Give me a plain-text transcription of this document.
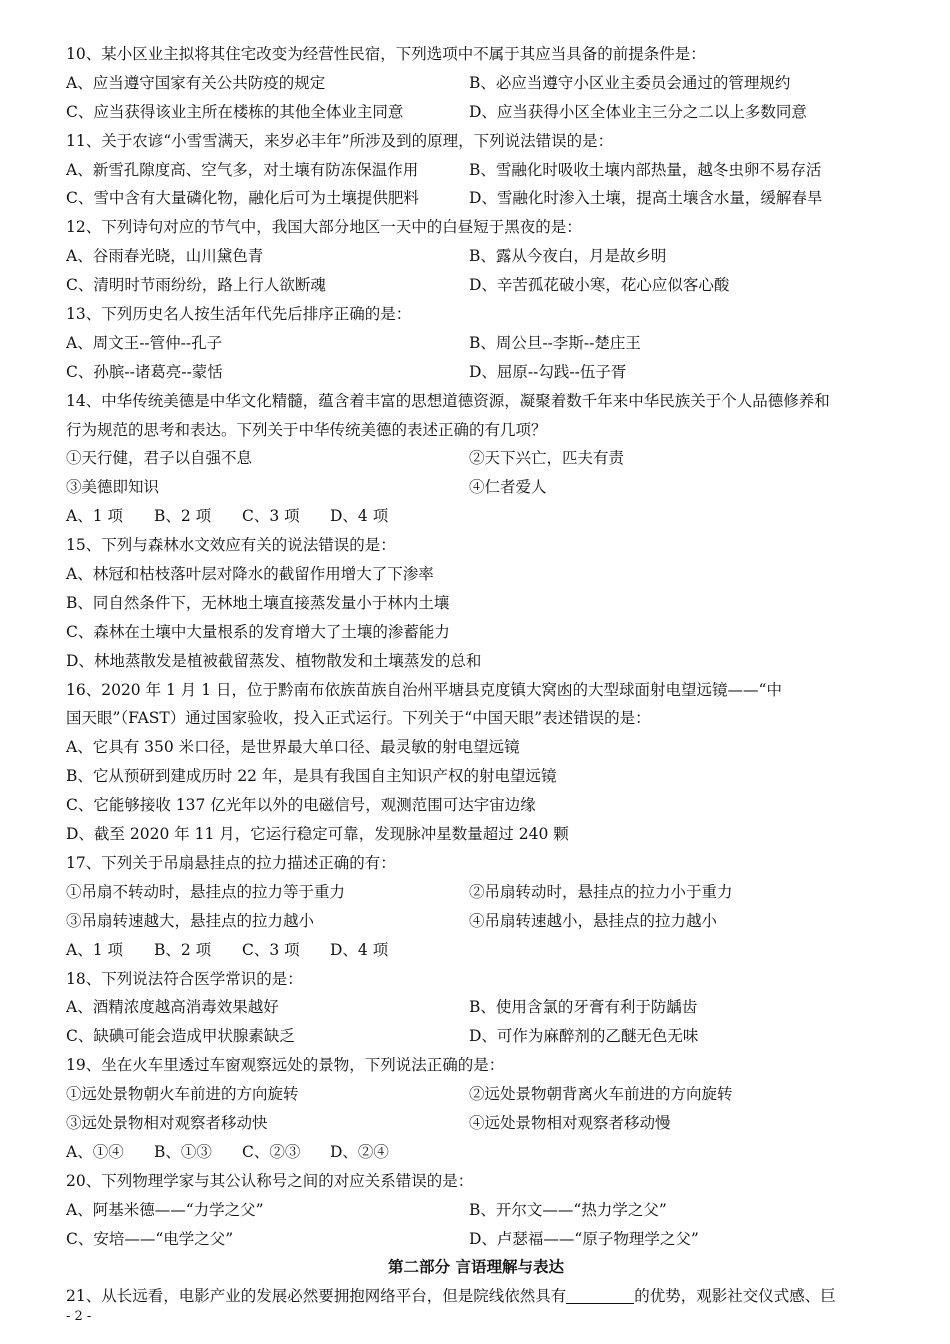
10、某小区业主拟将其住宅改变为经营性民宿，下列选项中不属于其应当具备的前提条件是：
A、应当遵守国家有关公共防疫的规定	B、必应当遵守小区业主委员会通过的管理规约
C、应当获得该业主所在楼栋的其他全体业主同意	D、应当获得小区全体业主三分之二以上多数同意
11、关于农谚“小雪雪满天，来岁必丰年”所涉及到的原理，下列说法错误的是：
A、新雪孔隙度高、空气多，对土壤有防冻保温作用	B、雪融化时吸收土壤内部热量，越冬虫卵不易存活
C、雪中含有大量磷化物，融化后可为土壤提供肥料	D、雪融化时渗入土壤，提高土壤含水量，缓解春旱
12、下列诗句对应的节气中，我国大部分地区一天中的白昼短于黑夜的是：
A、谷雨春光晓，山川黛色青	B、露从今夜白，月是故乡明
C、清明时节雨纷纷，路上行人欲断魂	D、辛苦孤花破小寒，花心应似客心酸
13、下列历史名人按生活年代先后排序正确的是：
A、周文王--管仲--孔子	B、周公旦--李斯--楚庄王
C、孙膑--诸葛亮--蒙恬	D、屈原--勾践--伍子胥
14、中华传统美德是中华文化精髓，蕴含着丰富的思想道德资源，凝聚着数千年来中华民族关于个人品德修养和
行为规范的思考和表达。下列关于中华传统美德的表述正确的有几项？
①天行健，君子以自强不息	②天下兴亡，匹夫有责
③美德即知识	④仁者爱人
A、1 项	B、2 项	C、3 项	D、4 项
15、下列与森林水文效应有关的说法错误的是：
A、林冠和枯枝落叶层对降水的截留作用增大了下渗率
B、同自然条件下，无林地土壤直接蒸发量小于林内土壤
C、森林在土壤中大量根系的发育增大了土壤的渗蓄能力
D、林地蒸散发是植被截留蒸发、植物散发和土壤蒸发的总和
16、2020 年 1 月 1 日，位于黔南布依族苗族自治州平塘县克度镇大窝凼的大型球面射电望远镜——“中
国天眼”（FAST）通过国家验收，投入正式运行。下列关于“中国天眼”表述错误的是：
A、它具有 350 米口径，是世界最大单口径、最灵敏的射电望远镜
B、它从预研到建成历时 22 年，是具有我国自主知识产权的射电望远镜
C、它能够接收 137 亿光年以外的电磁信号，观测范围可达宇宙边缘
D、截至 2020 年 11 月，它运行稳定可靠，发现脉冲星数量超过 240 颗
17、下列关于吊扇悬挂点的拉力描述正确的有：
①吊扇不转动时，悬挂点的拉力等于重力	②吊扇转动时，悬挂点的拉力小于重力
③吊扇转速越大，悬挂点的拉力越小	④吊扇转速越小，悬挂点的拉力越小
A、1 项	B、2 项	C、3 项	D、4 项
18、下列说法符合医学常识的是：
A、酒精浓度越高消毒效果越好	B、使用含氯的牙膏有利于防龋齿
C、缺碘可能会造成甲状腺素缺乏	D、可作为麻醉剂的乙醚无色无味
19、坐在火车里透过车窗观察远处的景物，下列说法正确的是：
①远处景物朝火车前进的方向旋转	②远处景物朝背离火车前进的方向旋转
③远处景物相对观察者移动快	④远处景物相对观察者移动慢
A、①④	B、①③	C、②③	D、②④
20、下列物理学家与其公认称号之间的对应关系错误的是：
A、阿基米德——“力学之父”	B、开尔文——“热力学之父”
C、安培——“电学之父”	D、卢瑟福——“原子物理学之父”
第二部分 言语理解与表达
21、从长远看，电影产业的发展必然要拥抱网络平台，但是院线依然具有	的优势，观影社交仪式感、巨
- 2 -
